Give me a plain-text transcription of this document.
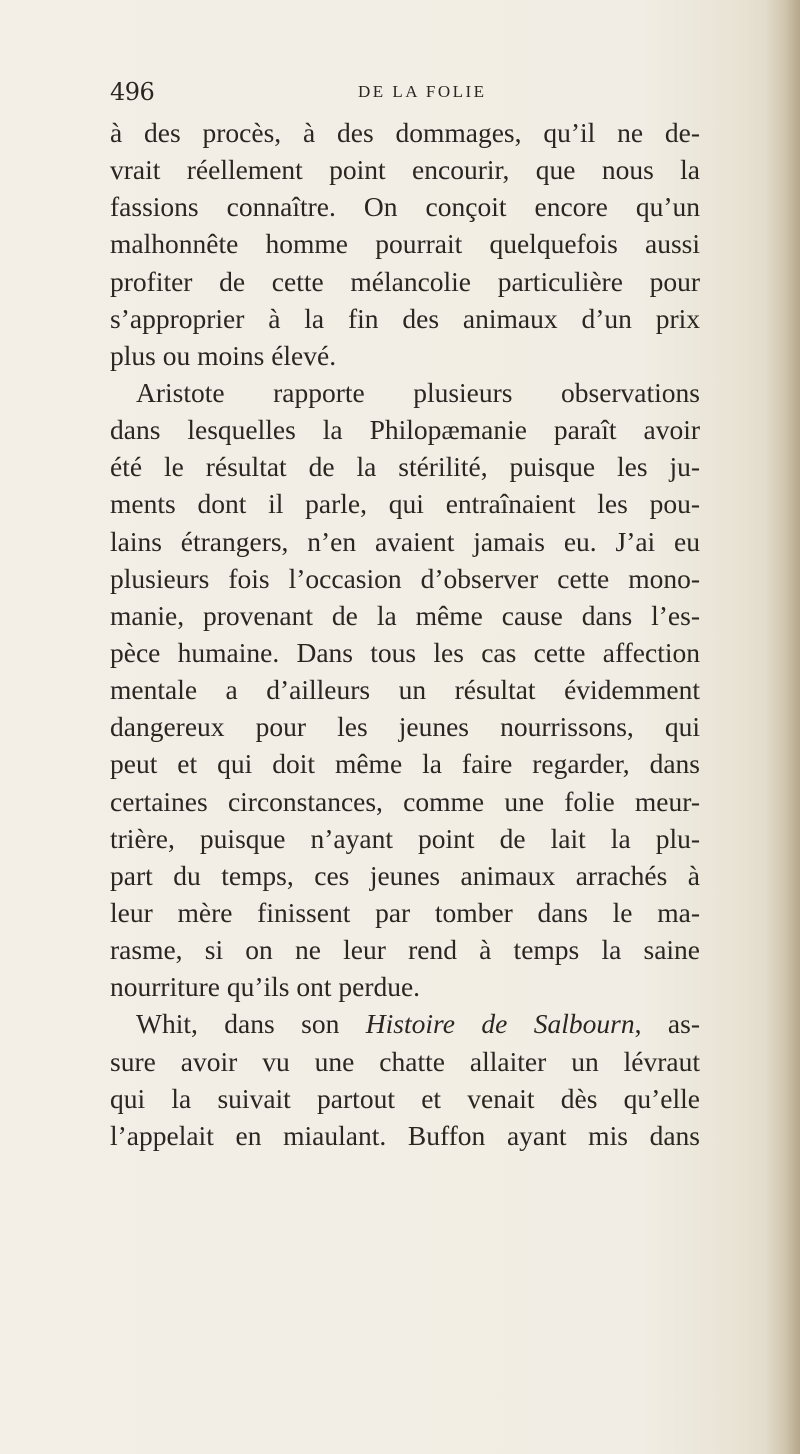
496	DE LA FOLIE
à des procès, à des dommages, qu’il ne de-
vrait réellement point encourir, que nous la
fassions connaître. On conçoit encore qu’un
malhonnête homme pourrait quelquefois aussi
profiter de cette mélancolie particulière pour
s’approprier à la fin des animaux d’un prix
plus ou moins élevé.
Aristote rapporte plusieurs observations
dans lesquelles la Philopæmanie paraît avoir
été le résultat de la stérilité, puisque les ju-
ments dont il parle, qui entraînaient les pou-
lains étrangers, n’en avaient jamais eu. J’ai eu
plusieurs fois l’occasion d’observer cette mono-
manie, provenant de la même cause dans l’es-
pèce humaine. Dans tous les cas cette affection
mentale a d’ailleurs un résultat évidemment
dangereux pour les jeunes nourrissons, qui
peut et qui doit même la faire regarder, dans
certaines circonstances, comme une folie meur-
trière, puisque n’ayant point de lait la plu-
part du temps, ces jeunes animaux arrachés à
leur mère finissent par tomber dans le ma-
rasme, si on ne leur rend à temps la saine
nourriture qu’ils ont perdue.
Whit, dans son Histoire de Salbourn, as-
sure avoir vu une chatte allaiter un lévraut
qui la suivait partout et venait dès qu’elle
l’appelait en miaulant. Buffon ayant mis dans
